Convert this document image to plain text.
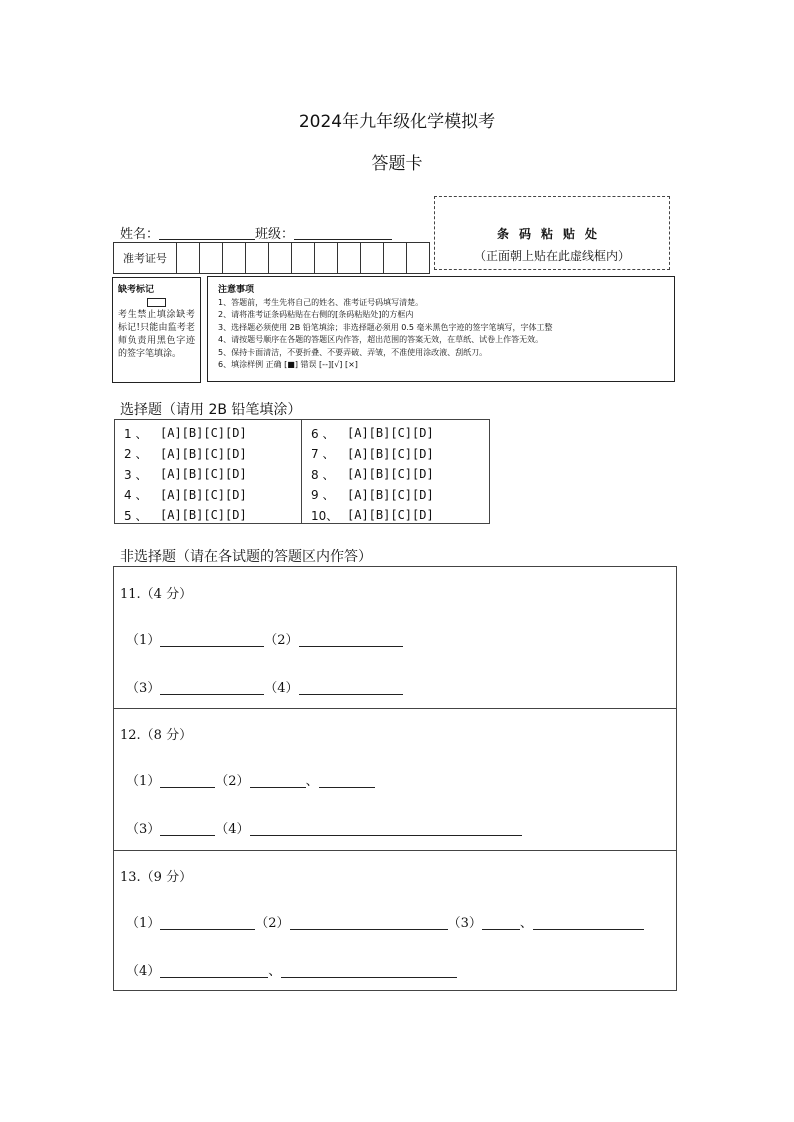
2024年九年级化学模拟考
答题卡
姓名：	班级：
准考证号
条码粘贴处
（正面朝上贴在此虚线框内）
缺考标记
考生禁止填涂缺考标记!只能由监考老师负责用黑色字迹的签字笔填涂。
注意事项
1、答题前，考生先将自己的姓名、准考证号码填写清楚。
2、请将准考证条码粘贴在右侧的[条码粘贴处]的方框内
3、选择题必须使用 2B 铅笔填涂；非选择题必须用 0.5 毫米黑色字迹的签字笔填写，字体工整
4、请按题号顺序在各题的答题区内作答，超出范围的答案无效，在草纸、试卷上作答无效。
5、保持卡面清洁，不要折叠、不要弄破、弄皱，不准使用涂改液、刮纸刀。
6、填涂样例 正确 [■] 错误 [--][√] [×]
选择题（请用 2B 铅笔填涂）
1 、	[A][B][C][D]
2 、	[A][B][C][D]
3 、	[A][B][C][D]
4 、	[A][B][C][D]
5 、	[A][B][C][D]
6 、	[A][B][C][D]
7 、	[A][B][C][D]
8 、	[A][B][C][D]
9 、	[A][B][C][D]
10、 [A][B][C][D]
非选择题（请在各试题的答题区内作答）
11.（4 分）
（1）	（2）
（3）	（4）
12.（8 分）
（1）	（2）	、
（3）	（4）
13.（9 分）
（1）	（2）	（3）	、
（4）	、
